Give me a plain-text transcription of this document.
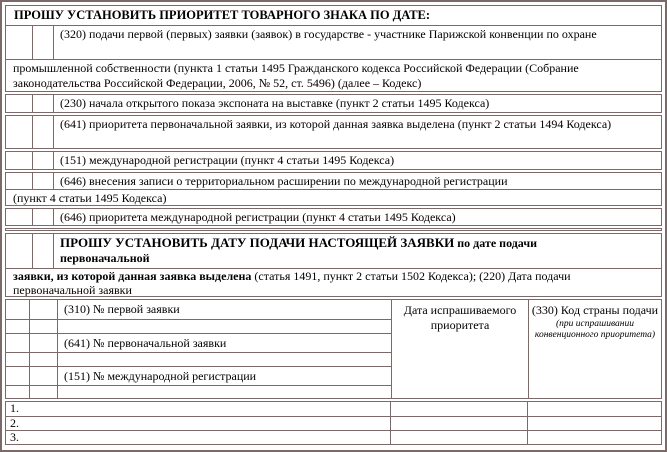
ПРОШУ УСТАНОВИТЬ ПРИОРИТЕТ ТОВАРНОГО ЗНАКА ПО ДАТЕ:
(320) подачи первой (первых) заявки (заявок) в государстве - участнике Парижской конвенции по охране
промышленной собственности (пункта 1 статьи 1495 Гражданского кодекса Российской Федерации (Собрание законодательства Российской Федерации, 2006, № 52, ст. 5496) (далее – Кодекс)
(230) начала открытого показа экспоната на выставке (пункт 2 статьи 1495 Кодекса)
(641) приоритета первоначальной заявки, из которой данная заявка выделена (пункт 2 статьи 1494 Кодекса)
(151) международной регистрации (пункт 4 статьи 1495 Кодекса)
(646) внесения записи о территориальном расширении по международной регистрации
(пункт 4 статьи 1495 Кодекса)
(646) приоритета международной регистрации (пункт 4 статьи 1495 Кодекса)
ПРОШУ УСТАНОВИТЬ ДАТУ ПОДАЧИ НАСТОЯЩЕЙ ЗАЯВКИ по дате подачи
первоначальной
заявки, из которой данная заявка выделена (статья 1491, пункт 2 статьи 1502 Кодекса); (220) Дата подачи
первоначальной заявки
(310) № первой заявки
(641) № первоначальной заявки
(151) № международной регистрации
Дата испрашиваемого приоритета
(330) Код страны подачи
(при испрашивании конвенционного приоритета)
1.
2.
3.
